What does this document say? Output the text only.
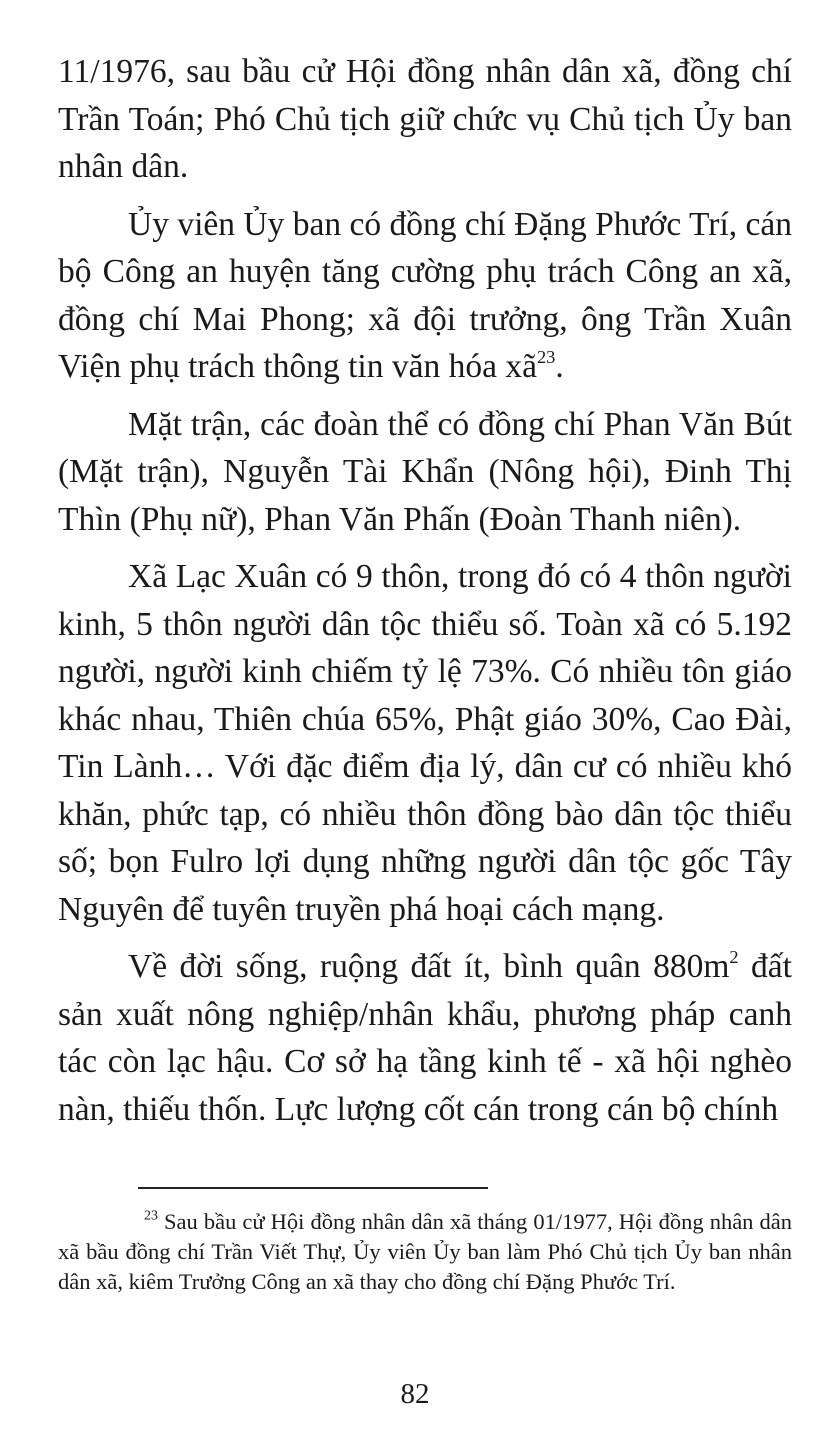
11/1976, sau bầu cử Hội đồng nhân dân xã, đồng chí Trần Toán; Phó Chủ tịch giữ chức vụ Chủ tịch Ủy ban nhân dân.

Ủy viên Ủy ban có đồng chí Đặng Phước Trí, cán bộ Công an huyện tăng cường phụ trách Công an xã, đồng chí Mai Phong; xã đội trưởng, ông Trần Xuân Viện phụ trách thông tin văn hóa $xã^{23}$.

Mặt trận, các đoàn thể có đồng chí Phan Văn Bút (Mặt trận), Nguyễn Tài Khẩn (Nông hội), Đinh Thị Thìn (Phụ nữ), Phan Văn Phấn (Đoàn Thanh niên).

Xã Lạc Xuân có 9 thôn, trong đó có 4 thôn người kinh, 5 thôn người dân tộc thiểu số. Toàn xã có 5.192 người, người kinh chiếm tỷ lệ 73%. Có nhiều tôn giáo khác nhau, Thiên chúa 65%, Phật giáo 30%, Cao Đài, Tin Lành… Với đặc điểm địa lý, dân cư có nhiều khó khăn, phức tạp, có nhiều thôn đồng bào dân tộc thiểu số; bọn Fulro lợi dụng những người dân tộc gốc Tây Nguyên để tuyên truyền phá hoại cách mạng.

Về đời sống, ruộng đất ít, bình quân $880m^2$ đất sản xuất nông nghiệp/nhân khẩu, phương pháp canh tác còn lạc hậu. Cơ sở hạ tầng kinh tế - xã hội nghèo nàn, thiếu thốn. Lực lượng cốt cán trong cán bộ chính

$^{23}$ Sau bầu cử Hội đồng nhân dân xã tháng 01/1977, Hội đồng nhân dân xã bầu đồng chí Trần Viết Thự, Ủy viên Ủy ban làm Phó Chủ tịch Ủy ban nhân dân xã, kiêm Trưởng Công an xã thay cho đồng chí Đặng Phước Trí.
82
